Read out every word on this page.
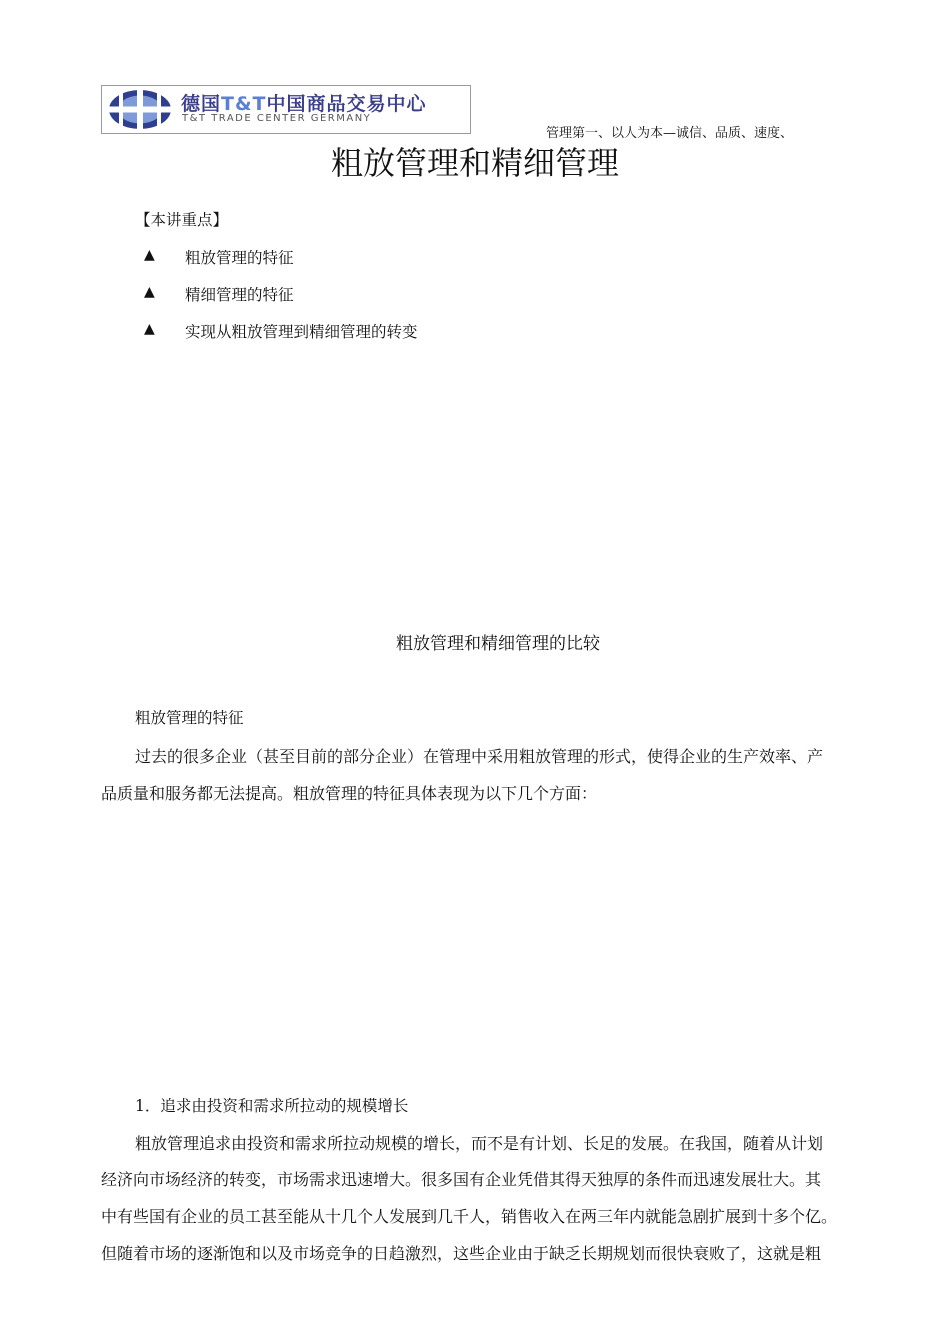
德国T&T中国商品交易中心
T&T TRADE CENTER GERMANY
管理第一、以人为本—诚信、品质、速度、
粗放管理和精细管理
【本讲重点】
▲ 粗放管理的特征
▲ 精细管理的特征
▲ 实现从粗放管理到精细管理的转变
粗放管理和精细管理的比较
粗放管理的特征
过去的很多企业（甚至目前的部分企业）在管理中采用粗放管理的形式，使得企业的生产效率、产
品质量和服务都无法提高。粗放管理的特征具体表现为以下几个方面：
1．追求由投资和需求所拉动的规模增长
粗放管理追求由投资和需求所拉动规模的增长，而不是有计划、长足的发展。在我国，随着从计划
经济向市场经济的转变，市场需求迅速增大。很多国有企业凭借其得天独厚的条件而迅速发展壮大。其
中有些国有企业的员工甚至能从十几个人发展到几千人，销售收入在两三年内就能急剧扩展到十多个亿。
但随着市场的逐渐饱和以及市场竞争的日趋激烈，这些企业由于缺乏长期规划而很快衰败了，这就是粗
